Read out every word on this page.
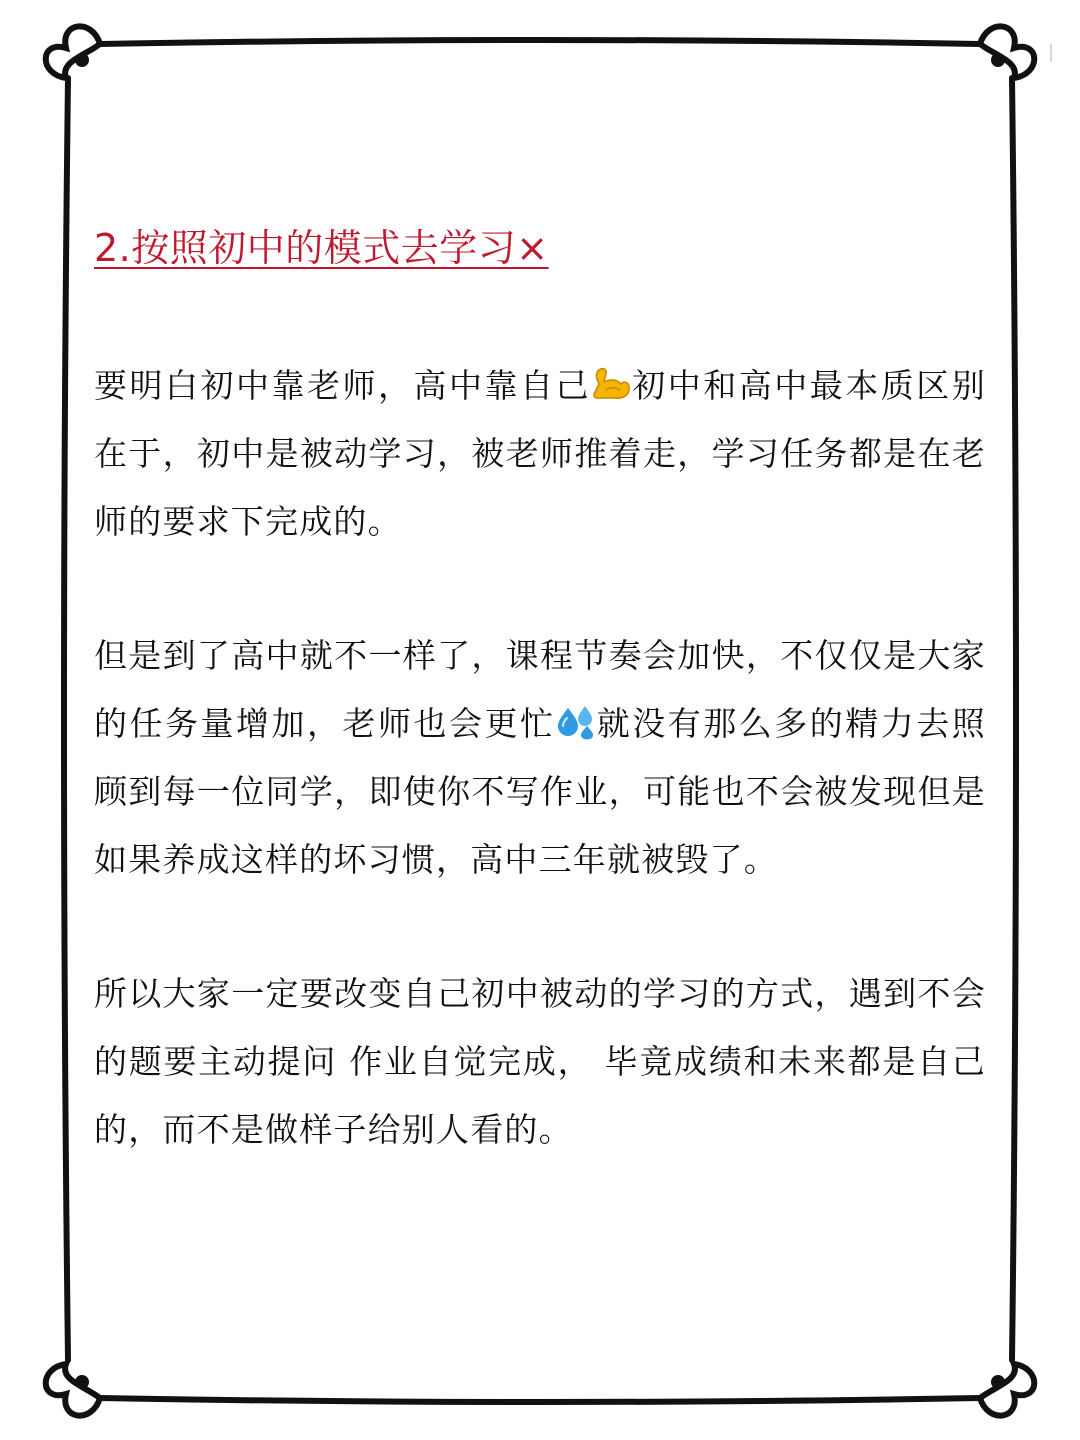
2.按照初中的模式去学习×

要明白初中靠老师，高中靠自己 初中和高中最本质区别在于，初中是被动学习，被老师推着走，学习任务都是在老师的要求下完成的。

但是到了高中就不一样了，课程节奏会加快，不仅仅是大家的任务量增加，老师也会更忙 就没有那么多的精力去照顾到每一位同学，即使你不写作业，可能也不会被发现但是如果养成这样的坏习惯，高中三年就被毁了。

所以大家一定要改变自己初中被动的学习的方式，遇到不会的题要主动提问 作业自觉完成， 毕竟成绩和未来都是自己的，而不是做样子给别人看的。
